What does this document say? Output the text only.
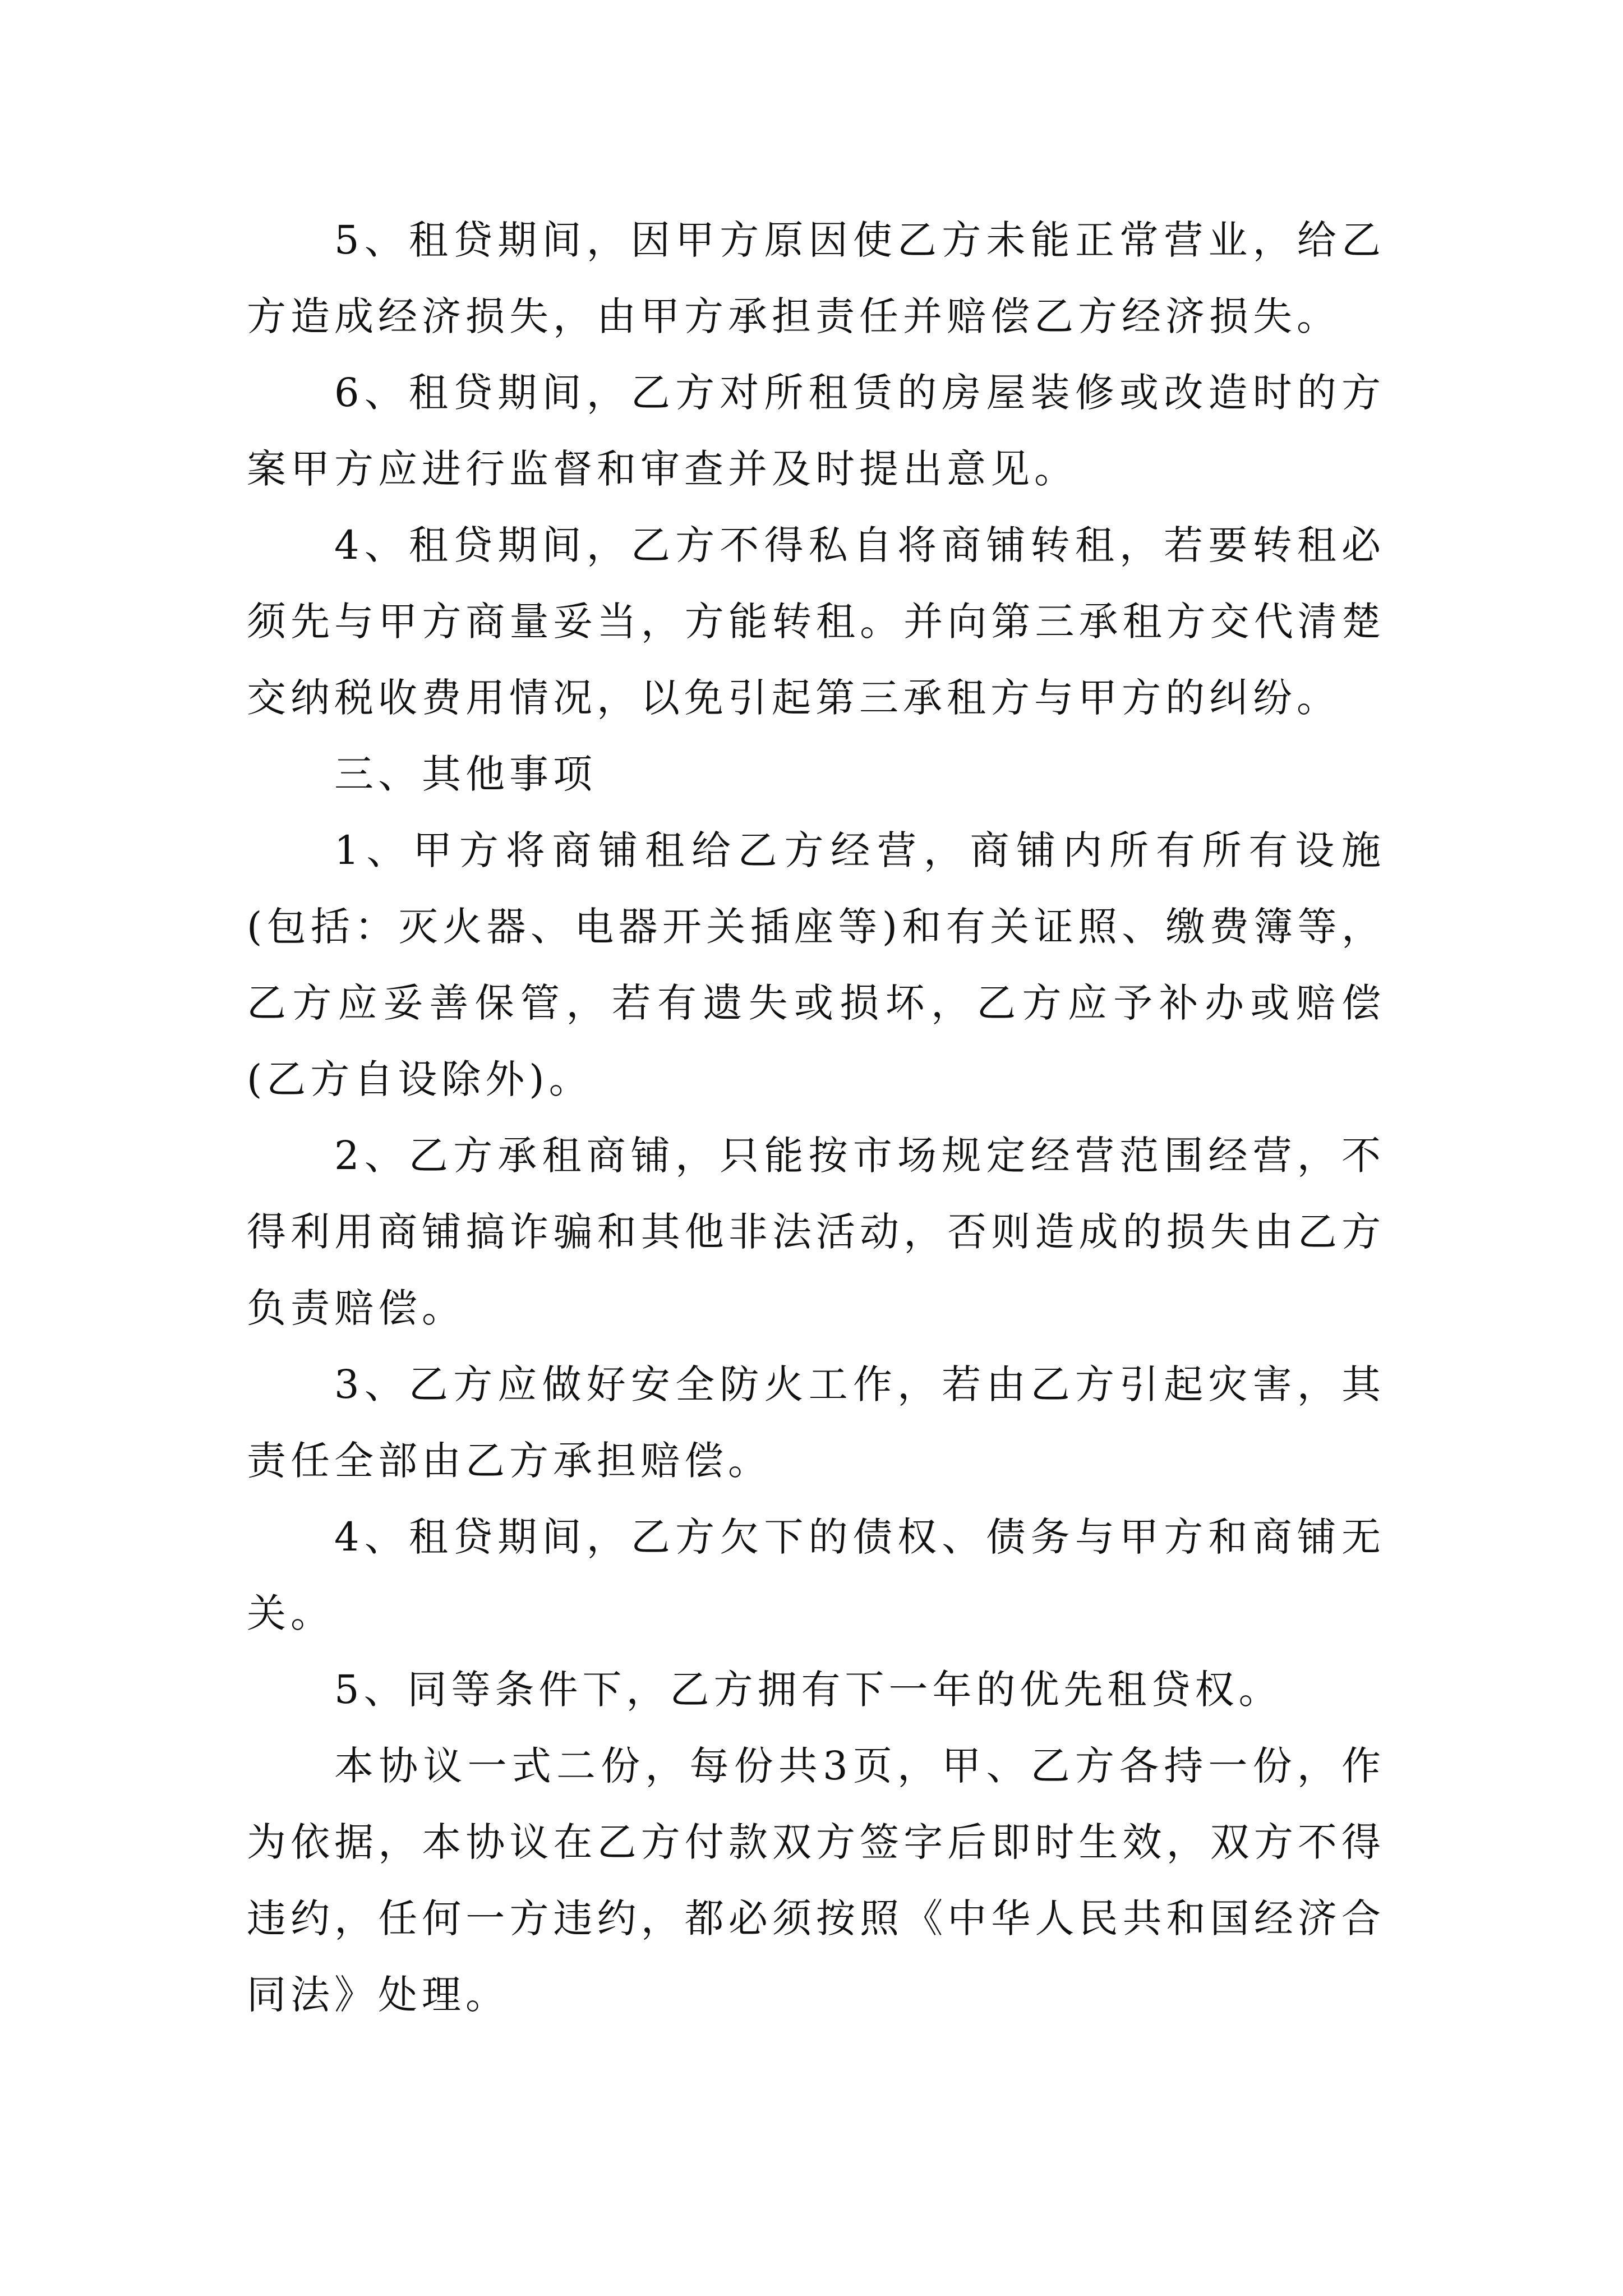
5、租贷期间，因甲方原因使乙方未能正常营业，给乙方造成经济损失，由甲方承担责任并赔偿乙方经济损失。

6、租贷期间，乙方对所租赁的房屋装修或改造时的方案甲方应进行监督和审查并及时提出意见。

4、租贷期间，乙方不得私自将商铺转租，若要转租必须先与甲方商量妥当，方能转租。并向第三承租方交代清楚交纳税收费用情况，以免引起第三承租方与甲方的纠纷。

三、其他事项

1、甲方将商铺租给乙方经营，商铺内所有所有设施(包括：灭火器、电器开关插座等)和有关证照、缴费簿等，乙方应妥善保管，若有遗失或损坏，乙方应予补办或赔偿(乙方自设除外)。

2、乙方承租商铺，只能按市场规定经营范围经营，不得利用商铺搞诈骗和其他非法活动，否则造成的损失由乙方负责赔偿。

3、乙方应做好安全防火工作，若由乙方引起灾害，其责任全部由乙方承担赔偿。

4、租贷期间，乙方欠下的债权、债务与甲方和商铺无关。

5、同等条件下，乙方拥有下一年的优先租贷权。

本协议一式二份，每份共3页，甲、乙方各持一份，作为依据，本协议在乙方付款双方签字后即时生效，双方不得违约，任何一方违约，都必须按照《中华人民共和国经济合同法》处理。
